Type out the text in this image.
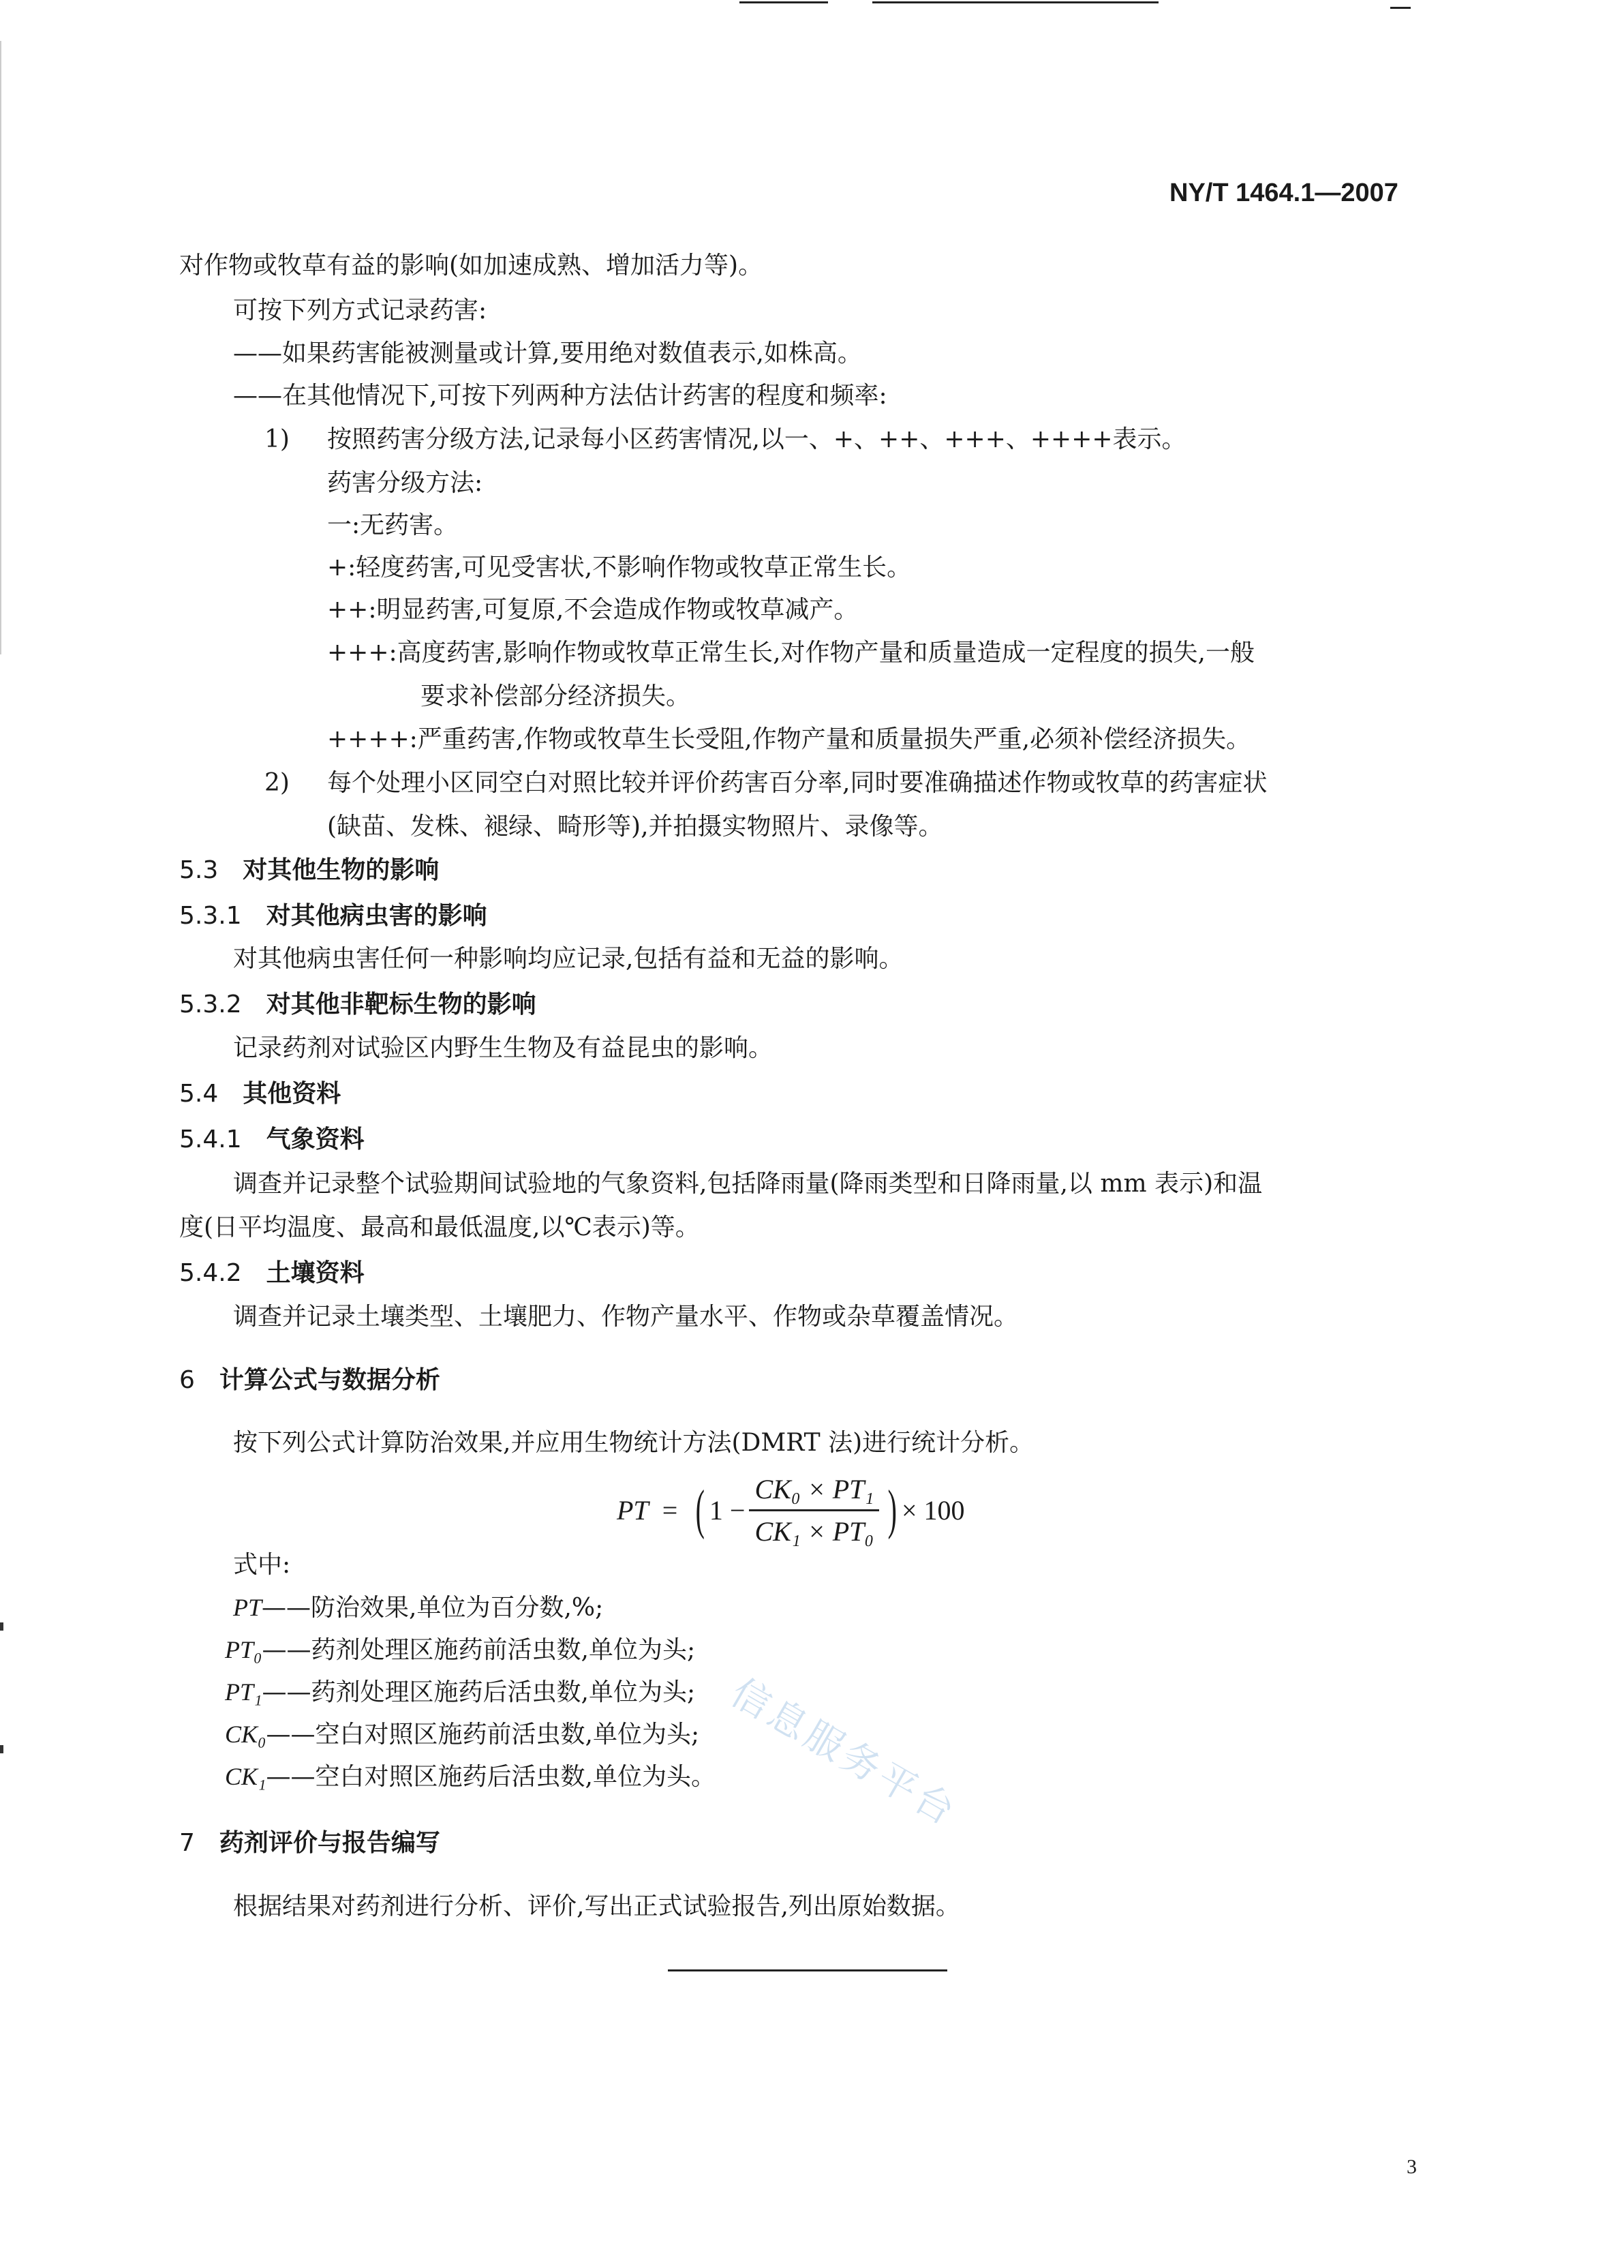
NY/T 1464.1—2007
对作物或牧草有益的影响(如加速成熟、增加活力等)。
可按下列方式记录药害:
——如果药害能被测量或计算,要用绝对数值表示,如株高。
——在其他情况下,可按下列两种方法估计药害的程度和频率:
1) 按照药害分级方法,记录每小区药害情况,以一、+、++、+++、++++表示。
药害分级方法:
一:无药害。
+:轻度药害,可见受害状,不影响作物或牧草正常生长。
++:明显药害,可复原,不会造成作物或牧草减产。
+++:高度药害,影响作物或牧草正常生长,对作物产量和质量造成一定程度的损失,一般
要求补偿部分经济损失。
++++:严重药害,作物或牧草生长受阻,作物产量和质量损失严重,必须补偿经济损失。
2) 每个处理小区同空白对照比较并评价药害百分率,同时要准确描述作物或牧草的药害症状
(缺苗、发株、褪绿、畸形等),并拍摄实物照片、录像等。
5.3 对其他生物的影响
5.3.1 对其他病虫害的影响
对其他病虫害任何一种影响均应记录,包括有益和无益的影响。
5.3.2 对其他非靶标生物的影响
记录药剂对试验区内野生生物及有益昆虫的影响。
5.4 其他资料
5.4.1 气象资料
调查并记录整个试验期间试验地的气象资料,包括降雨量(降雨类型和日降雨量,以 mm 表示)和温
度(日平均温度、最高和最低温度,以℃表示)等。
5.4.2 土壤资料
调查并记录土壤类型、土壤肥力、作物产量水平、作物或杂草覆盖情况。
6 计算公式与数据分析
按下列公式计算防治效果,并应用生物统计方法(DMRT 法)进行统计分析。
PT = ( $1 - \frac{\text{CK₀ × PT₁}}{\text{CK₁ × PT₀}}$ ) × 100
式中:
PT——防治效果,单位为百分数,%;
PT₀——药剂处理区施药前活虫数,单位为头;
PT₁——药剂处理区施药后活虫数,单位为头;
CK₀——空白对照区施药前活虫数,单位为头;
CK₁——空白对照区施药后活虫数,单位为头。
7 药剂评价与报告编写
根据结果对药剂进行分析、评价,写出正式试验报告,列出原始数据。
信息服务平台
3
